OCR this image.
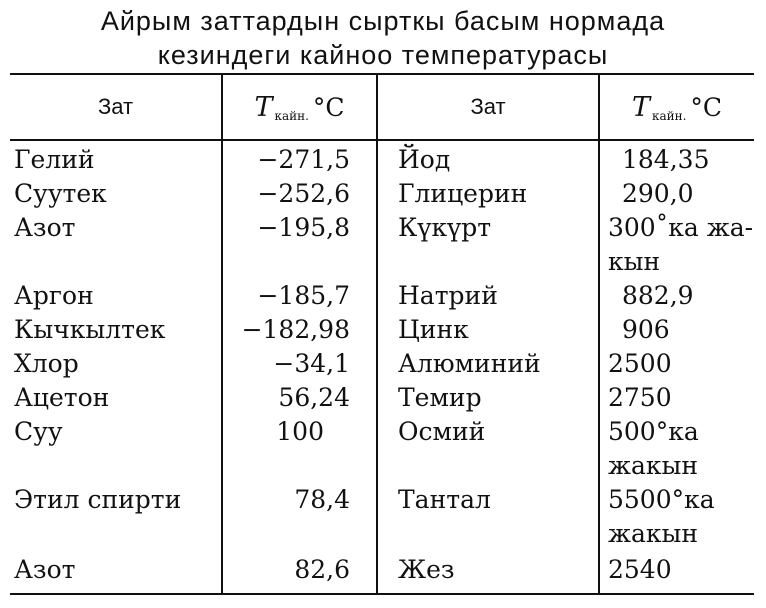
Айрым заттардын сырткы басым нормада
кезиндеги кайноо температурасы
Зат	T кайн. °C	Зат	T кайн. °C
Гелий	−271,5 Йод	184,35
Суутек	−252,6 Глицерин	290,0
Азот	−195,8 Күкүрт	300˚ка жа-
кын
Аргон	−185,7 Натрий	882,9
Кычкылтек	−182,98 Цинк	906
Хлор	−34,1 Алюминий	2500
Ацетон	56,24 Темир	2750
Суу	100	Осмий	500°ка
жакын
Этил спирти	78,4 Тантал	5500°ка
жакын
Азот	82,6 Жез	2540
